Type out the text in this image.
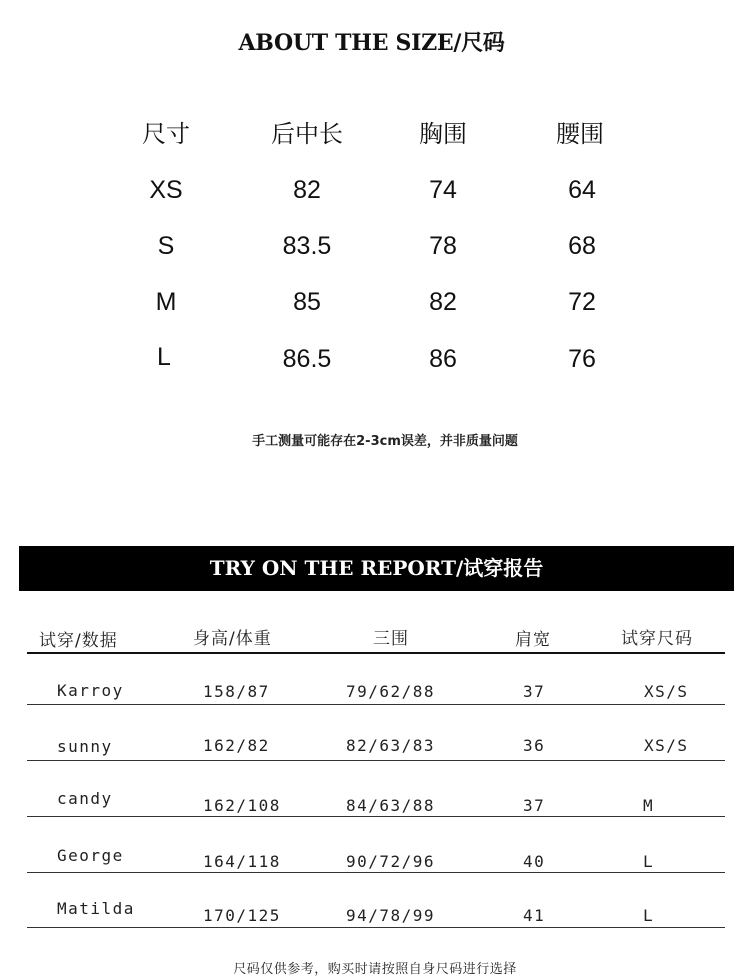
ABOUT THE SIZE/尺码
尺寸	后中长	胸围	腰围
XS	82	74	64
S	83.5	78	68
M	85	82	72
L	86.5	86	76
手工测量可能存在2-3cm误差，并非质量问题
TRY ON THE REPORT/试穿报告
试穿/数据	身高/体重	三围	肩宽	试穿尺码
Karroy	158/87	79/62/88	37	XS/S
sunny	162/82	82/63/83	36	XS/S
candy	162/108	84/63/88	37	M
George	164/118	90/72/96	40	L
Matilda	170/125	94/78/99	41	L
尺码仅供参考，购买时请按照自身尺码进行选择
